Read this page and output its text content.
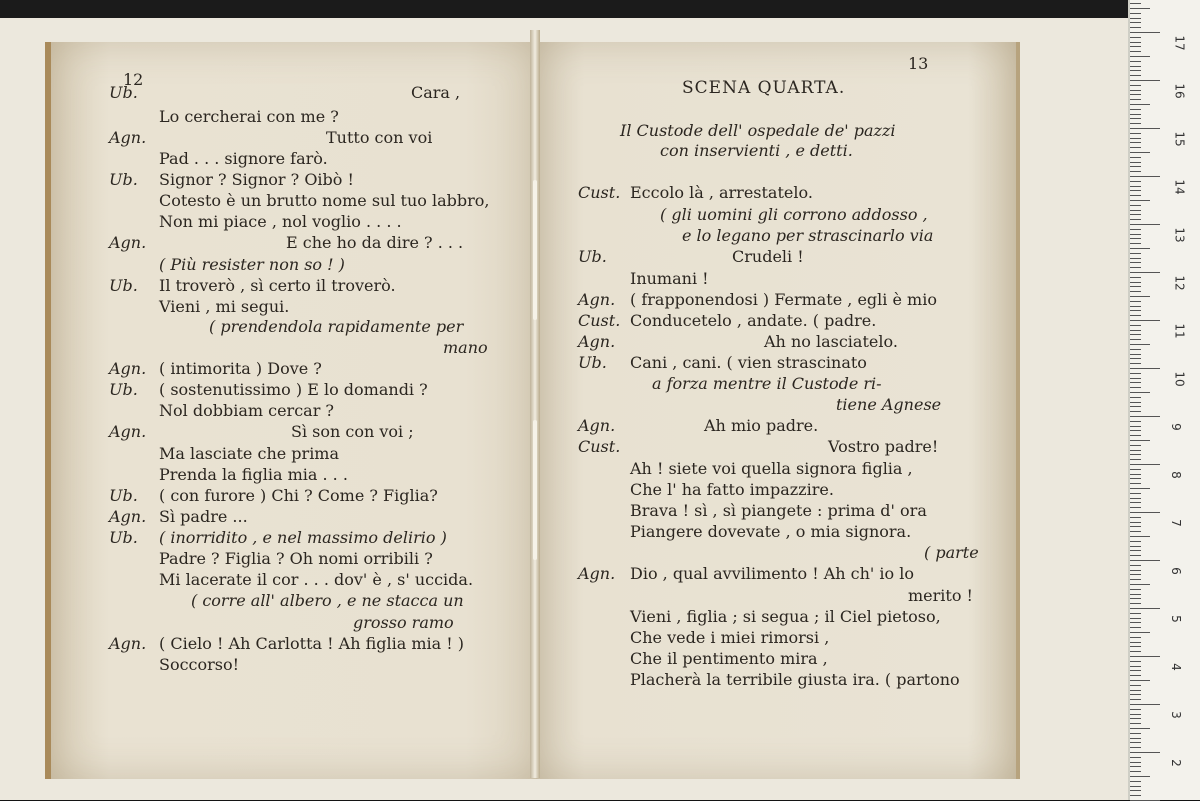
12
Ub.	Cara ,
Lo cercherai con me ?
Agn.	Tutto con voi
Pad . . . signore farò.
Ub. Signor ? Signor ? Oibò !
Cotesto è un brutto nome sul tuo labbro,
Non mi piace , nol voglio . . . .
Agn.	E che ho da dire ? . . .
( Più resister non so ! )
Ub. Il troverò , sì certo il troverò.
Vieni , mi segui.
( prendendola rapidamente per
mano
Agn. ( intimorita ) Dove ?
Ub. ( sostenutissimo ) E lo domandi ?
Nol dobbiam cercar ?
Agn.	Sì son con voi ;
Ma lasciate che prima
Prenda la figlia mia . . .
Ub. ( con furore ) Chi ? Come ? Figlia?
Agn. Sì padre ...
Ub. ( inorridito , e nel massimo delirio )
Padre ? Figlia ? Oh nomi orribili ?
Mi lacerate il cor . . . dov' è , s' uccida.
( corre all' albero , e ne stacca un
grosso ramo
Agn. ( Cielo ! Ah Carlotta ! Ah figlia mia ! )
Soccorso!
13
SCENA QUARTA.
Il Custode dell' ospedale de' pazzi
con inservienti , e detti.
Cust. Eccolo là , arrestatelo.
( gli uomini gli corrono addosso ,
e lo legano per strascinarlo via
Ub.	Crudeli !
Inumani !
Agn. ( frapponendosi ) Fermate , egli è mio
Cust. Conducetelo , andate. ( padre.
Agn.	Ah no lasciatelo.
Ub. Cani , cani. ( vien strascinato
a forza mentre il Custode ri-
tiene Agnese
Agn.	Ah mio padre.
Cust.	Vostro padre!
Ah ! siete voi quella signora figlia ,
Che l' ha fatto impazzire.
Brava ! sì , sì piangete : prima d' ora
Piangere dovevate , o mia signora.
( parte
Agn. Dio , qual avvilimento ! Ah ch' io lo
merito !
Vieni , figlia ; si segua ; il Ciel pietoso,
Che vede i miei rimorsi ,
Che il pentimento mira ,
Placherà la terribile giusta ira. ( partono
17
16
15
14
13
12
11
10
9
8
7
6
5
4
3
2
